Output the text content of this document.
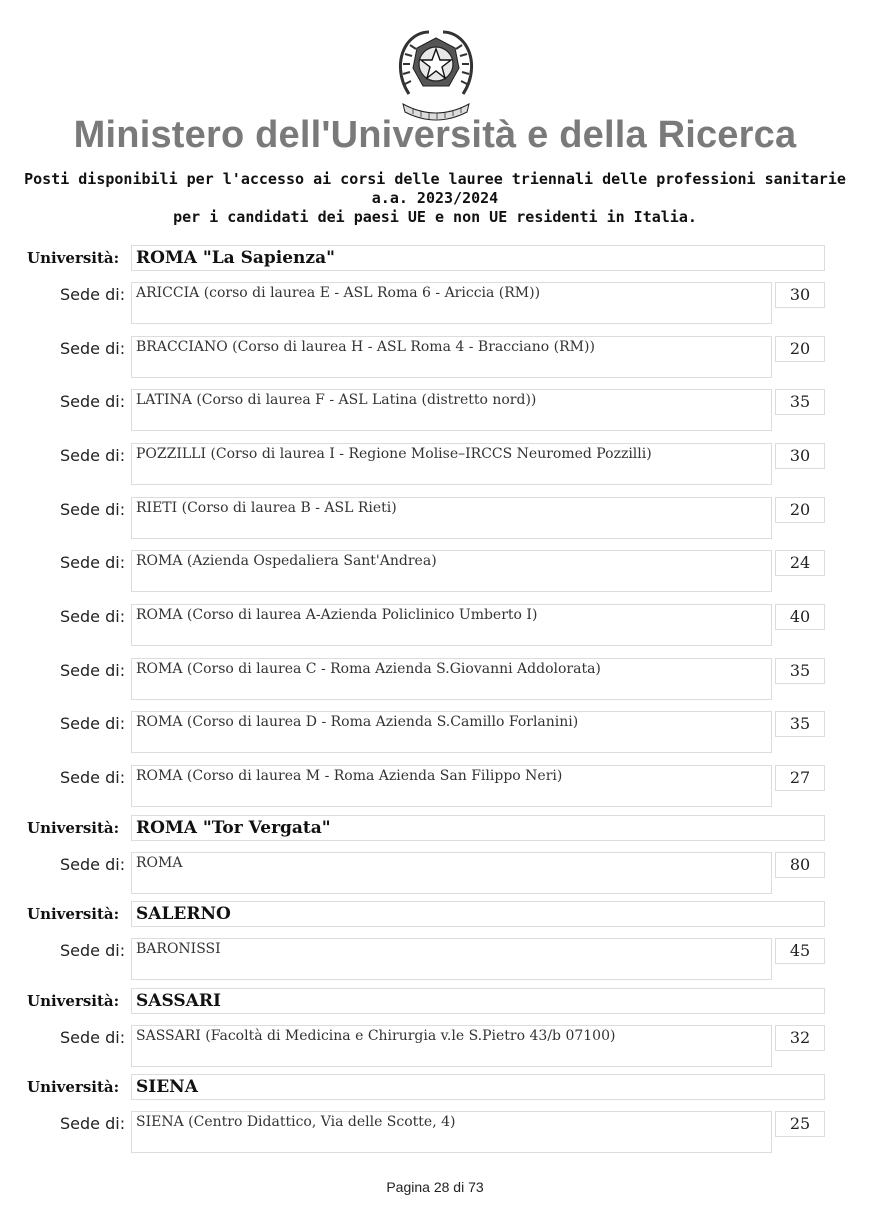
Ministero dell'Università e della Ricerca
Posti disponibili per l'accesso ai corsi delle lauree triennali delle professioni sanitarie
a.a. 2023/2024
per i candidati dei paesi UE e non UE residenti in Italia.
Università: ROMA "La Sapienza"
Sede di: ARICCIA (corso di laurea E - ASL Roma 6 - Ariccia (RM))	30
Sede di: BRACCIANO (Corso di laurea H - ASL Roma 4 - Bracciano (RM))	20
Sede di: LATINA (Corso di laurea F - ASL Latina (distretto nord))	35
Sede di: POZZILLI (Corso di laurea I - Regione Molise–IRCCS Neuromed Pozzilli)	30
Sede di: RIETI (Corso di laurea B - ASL Rieti)	20
Sede di: ROMA (Azienda Ospedaliera Sant'Andrea)	24
Sede di: ROMA (Corso di laurea A-Azienda Policlinico Umberto I)	40
Sede di: ROMA (Corso di laurea C - Roma Azienda S.Giovanni Addolorata)	35
Sede di: ROMA (Corso di laurea D - Roma Azienda S.Camillo Forlanini)	35
Sede di: ROMA (Corso di laurea M - Roma Azienda San Filippo Neri)	27
Università: ROMA "Tor Vergata"
Sede di: ROMA	80
Università: SALERNO
Sede di: BARONISSI	45
Università: SASSARI
Sede di: SASSARI (Facoltà di Medicina e Chirurgia v.le S.Pietro 43/b 07100)	32
Università: SIENA
Sede di: SIENA (Centro Didattico, Via delle Scotte, 4)	25
Pagina 28 di 73
